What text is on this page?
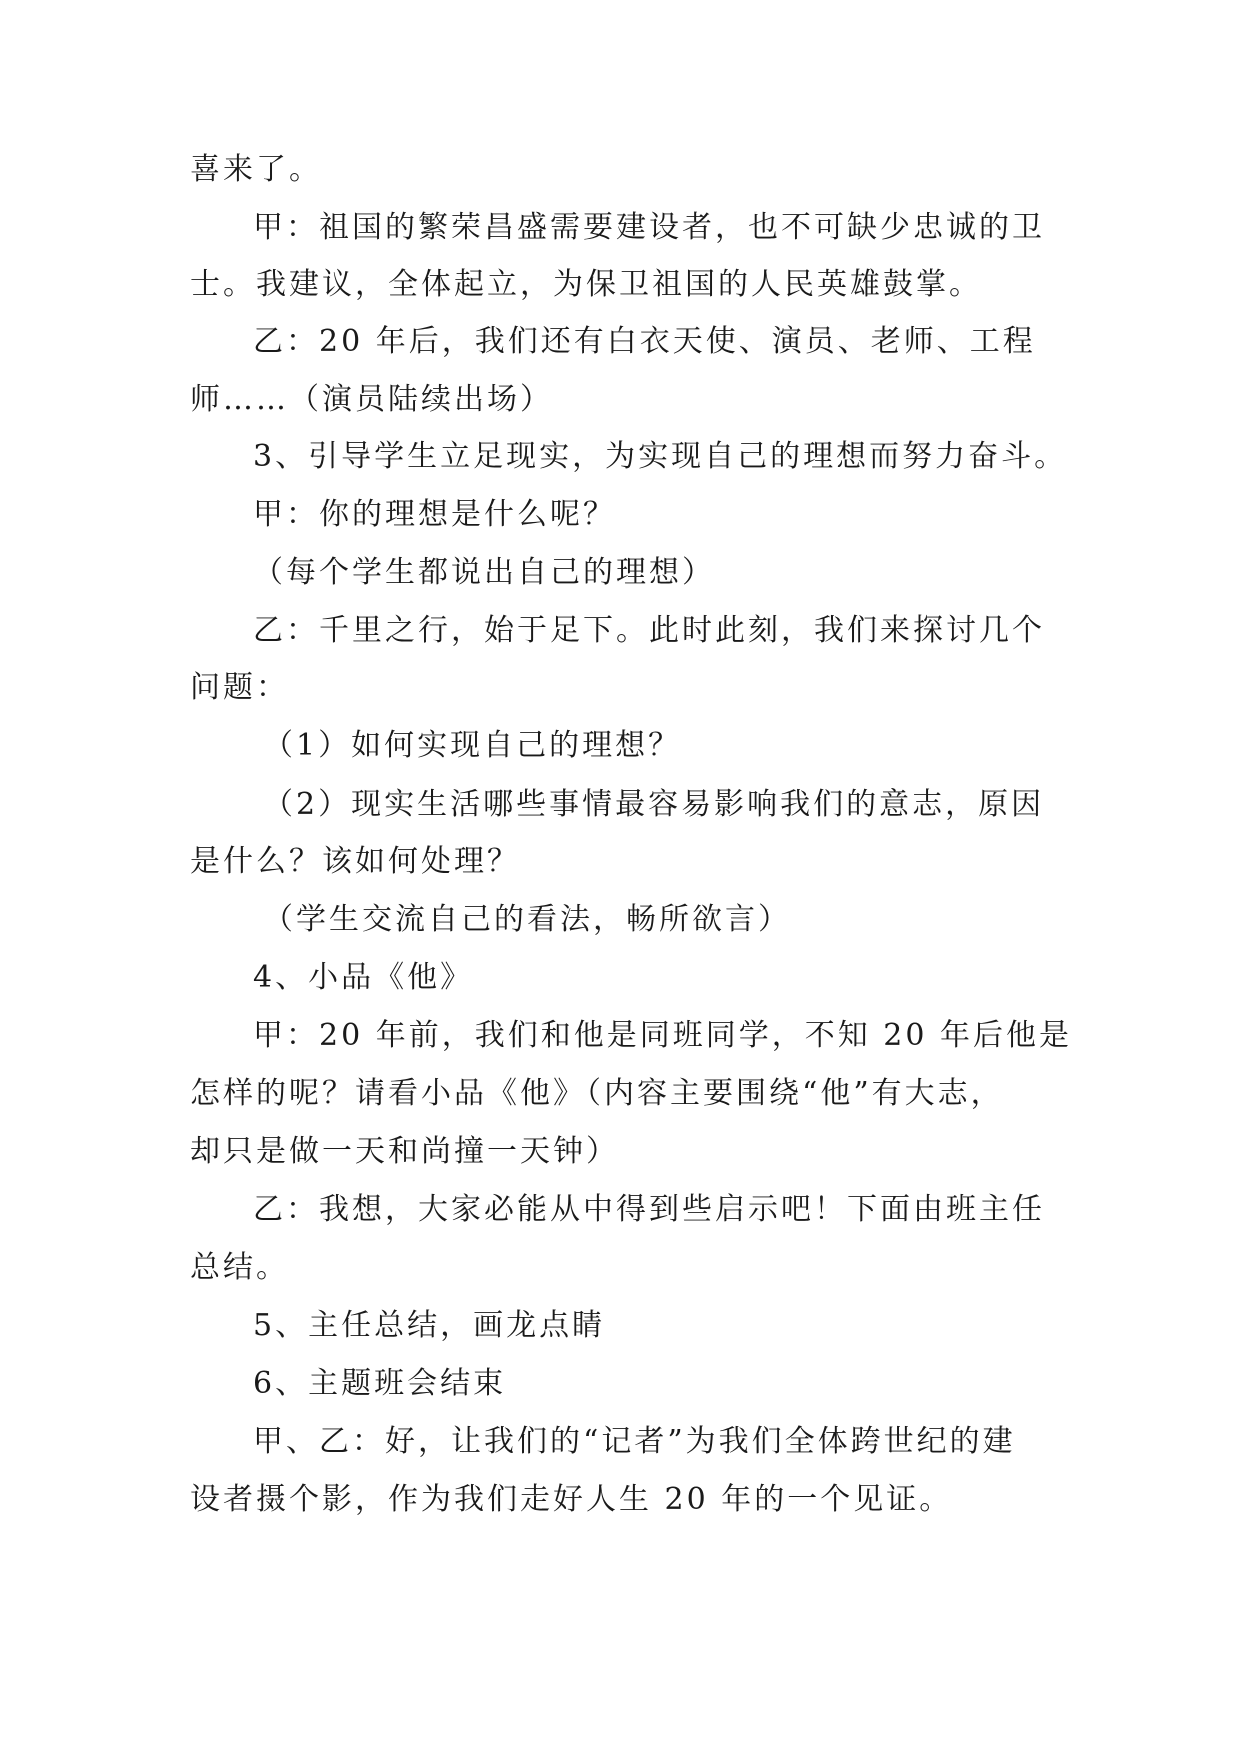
喜来了。
甲：祖国的繁荣昌盛需要建设者，也不可缺少忠诚的卫
士。我建议，全体起立，为保卫祖国的人民英雄鼓掌。
乙：20 年后，我们还有白衣天使、演员、老师、工程
师……（演员陆续出场）
3、引导学生立足现实，为实现自己的理想而努力奋斗。
甲：你的理想是什么呢？
（每个学生都说出自己的理想）
乙：千里之行，始于足下。此时此刻，我们来探讨几个
问题：
（1）如何实现自己的理想？
（2）现实生活哪些事情最容易影响我们的意志，原因
是什么？该如何处理？
（学生交流自己的看法，畅所欲言）
4、小品《他》
甲：20 年前，我们和他是同班同学，不知 20 年后他是
怎样的呢？请看小品《他》（内容主要围绕“他”有大志，
却只是做一天和尚撞一天钟）
乙：我想，大家必能从中得到些启示吧！下面由班主任
总结。
5、主任总结，画龙点睛
6、主题班会结束
甲、乙：好，让我们的“记者”为我们全体跨世纪的建
设者摄个影，作为我们走好人生 20 年的一个见证。
